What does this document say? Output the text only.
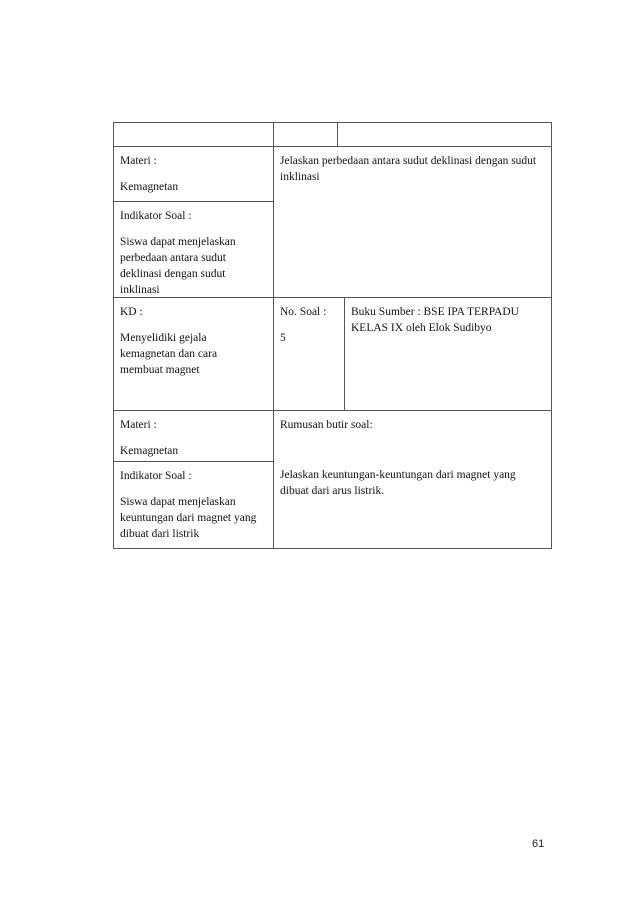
Materi :

Kemagnetan

Indikator Soal :

Siswa dapat menjelaskan perbedaan antara sudut deklinasi dengan sudut inklinasi

Jelaskan perbedaan antara sudut deklinasi dengan sudut inklinasi

KD :

Menyelidiki gejala kemagnetan dan cara membuat magnet

No. Soal :

5

Buku Sumber : BSE IPA TERPADU KELAS IX oleh Elok Sudibyo

Materi :

Kemagnetan

Indikator Soal :

Siswa dapat menjelaskan keuntungan dari magnet yang dibuat dari listrik

Rumusan butir soal:

Jelaskan keuntungan-keuntungan dari magnet yang dibuat dari arus listrik.

61
